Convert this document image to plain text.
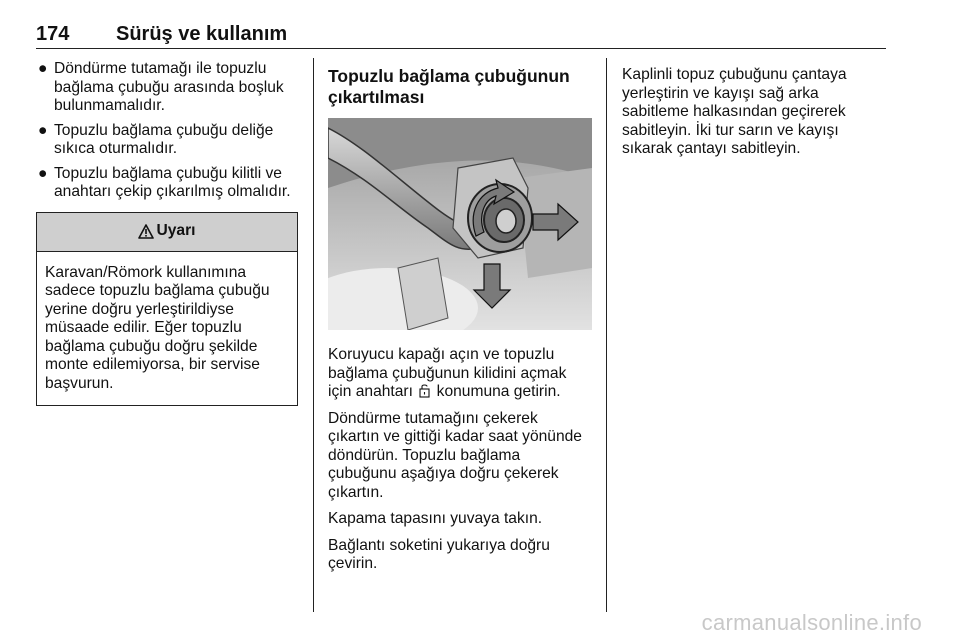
174 Sürüş ve kullanım
● Döndürme tutamağı ile topuzlu bağlama çubuğu arasında boşluk bulunmamalıdır.
● Topuzlu bağlama çubuğu deliğe sıkıca oturmalıdır.
● Topuzlu bağlama çubuğu kilitli ve anahtarı çekip çıkarılmış olmalıdır.
Uyarı
Karavan/Römork kullanımına sadece topuzlu bağlama çubuğu yerine doğru yerleştirildiyse müsaade edilir. Eğer topuzlu bağlama çubuğu doğru şekilde monte edilemiyorsa, bir servise başvurun.
Topuzlu bağlama çubuğunun çıkartılması

Koruyucu kapağı açın ve topuzlu bağlama çubuğunun kilidini açmak için anahtarı konumuna getirin.

Döndürme tutamağını çekerek çıkartın ve gittiği kadar saat yönünde döndürün. Topuzlu bağlama çubuğunu aşağıya doğru çekerek çıkartın.

Kapama tapasını yuvaya takın.

Bağlantı soketini yukarıya doğru çevirin.

Kaplinli topuz çubuğunu çantaya yerleştirin ve kayışı sağ arka sabitleme halkasından geçirerek sabitleyin. İki tur sarın ve kayışı sıkarak çantayı sabitleyin.

carmanualsonline.info
